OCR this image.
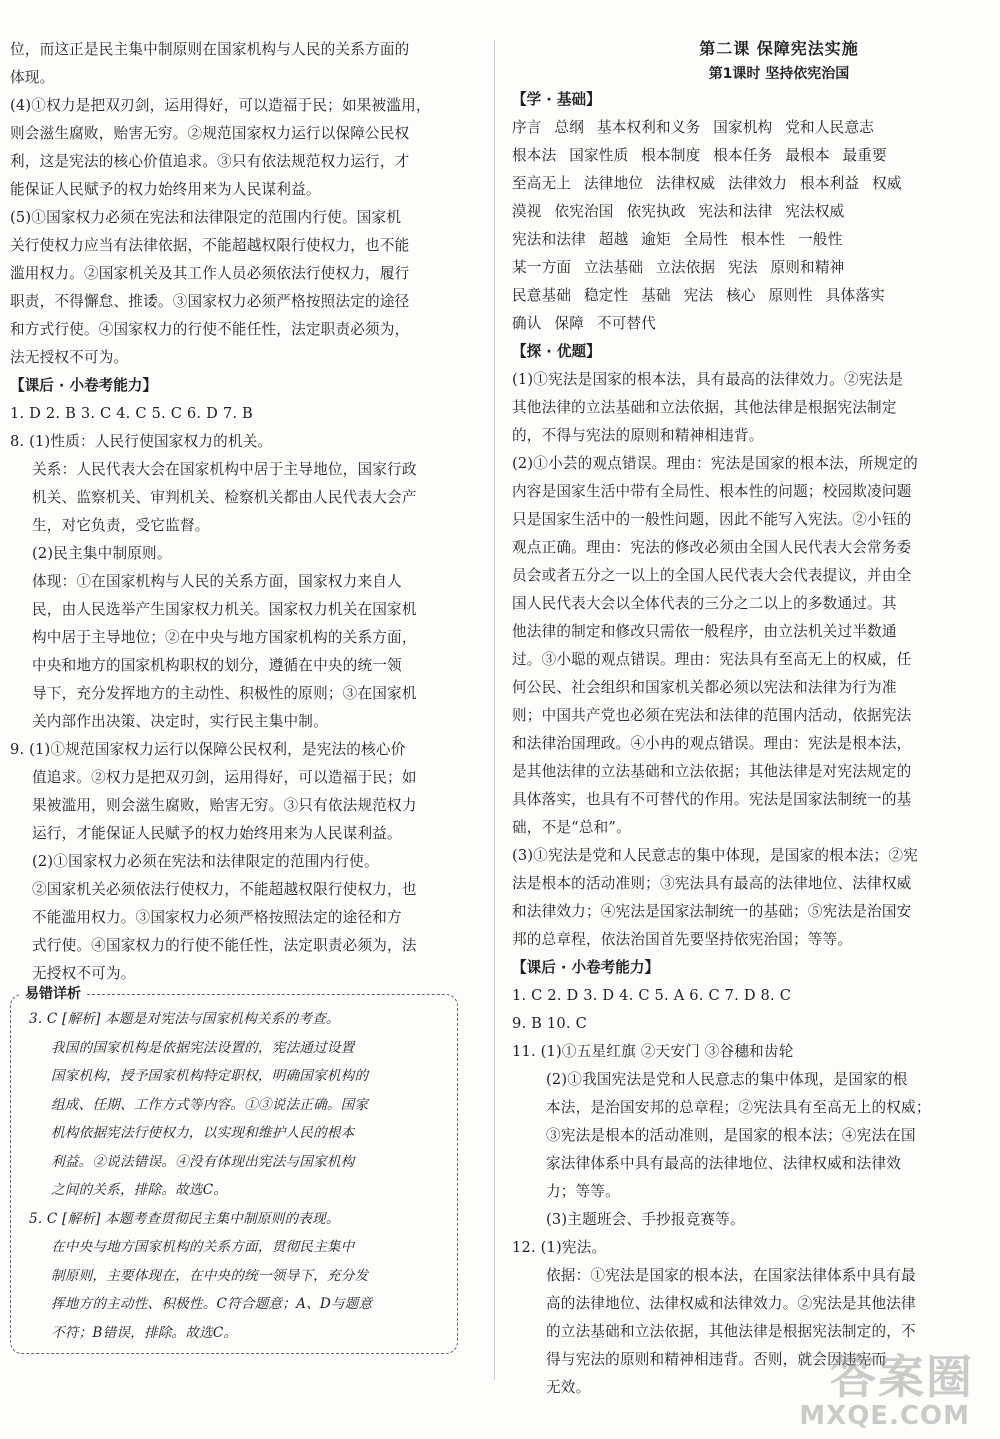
位，而这正是民主集中制原则在国家机构与人民的关系方面的
体现。
(4)①权力是把双刃剑，运用得好，可以造福于民；如果被滥用，
则会滋生腐败，贻害无穷。②规范国家权力运行以保障公民权
利，这是宪法的核心价值追求。③只有依法规范权力运行，才
能保证人民赋予的权力始终用来为人民谋利益。
(5)①国家权力必须在宪法和法律限定的范围内行使。国家机
关行使权力应当有法律依据，不能超越权限行使权力，也不能
滥用权力。②国家机关及其工作人员必须依法行使权力，履行
职责，不得懈怠、推诿。③国家权力必须严格按照法定的途径
和方式行使。④国家权力的行使不能任性，法定职责必须为，
法无授权不可为。
【课后 · 小卷考能力】
1. D 2. B 3. C 4. C 5. C 6. D 7. B
8. (1)性质：人民行使国家权力的机关。
关系：人民代表大会在国家机构中居于主导地位，国家行政
机关、监察机关、审判机关、检察机关都由人民代表大会产
生，对它负责，受它监督。
(2)民主集中制原则。
体现：①在国家机构与人民的关系方面，国家权力来自人
民，由人民选举产生国家权力机关。国家权力机关在国家机
构中居于主导地位；②在中央与地方国家机构的关系方面，
中央和地方的国家机构职权的划分，遵循在中央的统一领
导下，充分发挥地方的主动性、积极性的原则；③在国家机
关内部作出决策、决定时，实行民主集中制。
9. (1)①规范国家权力运行以保障公民权利，是宪法的核心价
值追求。②权力是把双刃剑，运用得好，可以造福于民；如
果被滥用，则会滋生腐败，贻害无穷。③只有依法规范权力
运行，才能保证人民赋予的权力始终用来为人民谋利益。
(2)①国家权力必须在宪法和法律限定的范围内行使。
②国家机关必须依法行使权力，不能超越权限行使权力，也
不能滥用权力。③国家权力必须严格按照法定的途径和方
式行使。④国家权力的行使不能任性，法定职责必须为，法
无授权不可为。
易错详析
3. C [解析] 本题是对宪法与国家机构关系的考查。
我国的国家机构是依据宪法设置的，宪法通过设置
国家机构，授予国家机构特定职权，明确国家机构的
组成、任期、工作方式等内容。①③说法正确。国家
机构依据宪法行使权力，以实现和维护人民的根本
利益。②说法错误。④没有体现出宪法与国家机构
之间的关系，排除。故选C。
5. C [解析] 本题考查贯彻民主集中制原则的表现。
在中央与地方国家机构的关系方面，贯彻民主集中
制原则，主要体现在，在中央的统一领导下，充分发
挥地方的主动性、积极性。C符合题意；A、D与题意
不符；B错误，排除。故选C。
第二课 保障宪法实施
第1课时 坚持依宪治国
【学 · 基础】
序言 总纲 基本权利和义务 国家机构 党和人民意志
根本法 国家性质 根本制度 根本任务 最根本 最重要
至高无上 法律地位 法律权威 法律效力 根本利益 权威
漠视 依宪治国 依宪执政 宪法和法律 宪法权威
宪法和法律 超越 逾矩 全局性 根本性 一般性
某一方面 立法基础 立法依据 宪法 原则和精神
民意基础 稳定性 基础 宪法 核心 原则性 具体落实
确认 保障 不可替代
【探 · 优题】
(1)①宪法是国家的根本法，具有最高的法律效力。②宪法是
其他法律的立法基础和立法依据，其他法律是根据宪法制定
的，不得与宪法的原则和精神相违背。
(2)①小芸的观点错误。理由：宪法是国家的根本法，所规定的
内容是国家生活中带有全局性、根本性的问题；校园欺凌问题
只是国家生活中的一般性问题，因此不能写入宪法。②小钰的
观点正确。理由：宪法的修改必须由全国人民代表大会常务委
员会或者五分之一以上的全国人民代表大会代表提议，并由全
国人民代表大会以全体代表的三分之二以上的多数通过。其
他法律的制定和修改只需依一般程序，由立法机关过半数通
过。③小聪的观点错误。理由：宪法具有至高无上的权威，任
何公民、社会组织和国家机关都必须以宪法和法律为行为准
则；中国共产党也必须在宪法和法律的范围内活动，依据宪法
和法律治国理政。④小冉的观点错误。理由：宪法是根本法，
是其他法律的立法基础和立法依据；其他法律是对宪法规定的
具体落实，也具有不可替代的作用。宪法是国家法制统一的基
础，不是“总和”。
(3)①宪法是党和人民意志的集中体现，是国家的根本法；②宪
法是根本的活动准则；③宪法具有最高的法律地位、法律权威
和法律效力；④宪法是国家法制统一的基础；⑤宪法是治国安
邦的总章程，依法治国首先要坚持依宪治国；等等。
【课后 · 小卷考能力】
1. C 2. D 3. D 4. C 5. A 6. C 7. D 8. C
9. B 10. C
11. (1)①五星红旗 ②天安门 ③谷穗和齿轮
(2)①我国宪法是党和人民意志的集中体现，是国家的根
本法，是治国安邦的总章程；②宪法具有至高无上的权威；
③宪法是根本的活动准则，是国家的根本法；④宪法在国
家法律体系中具有最高的法律地位、法律权威和法律效
力；等等。
(3)主题班会、手抄报竞赛等。
12. (1)宪法。
依据：①宪法是国家的根本法，在国家法律体系中具有最
高的法律地位、法律权威和法律效力。②宪法是其他法律
的立法基础和立法依据，其他法律是根据宪法制定的，不
得与宪法的原则和精神相违背。否则，就会因违宪而
无效。	答案圈
MXQE.COM
